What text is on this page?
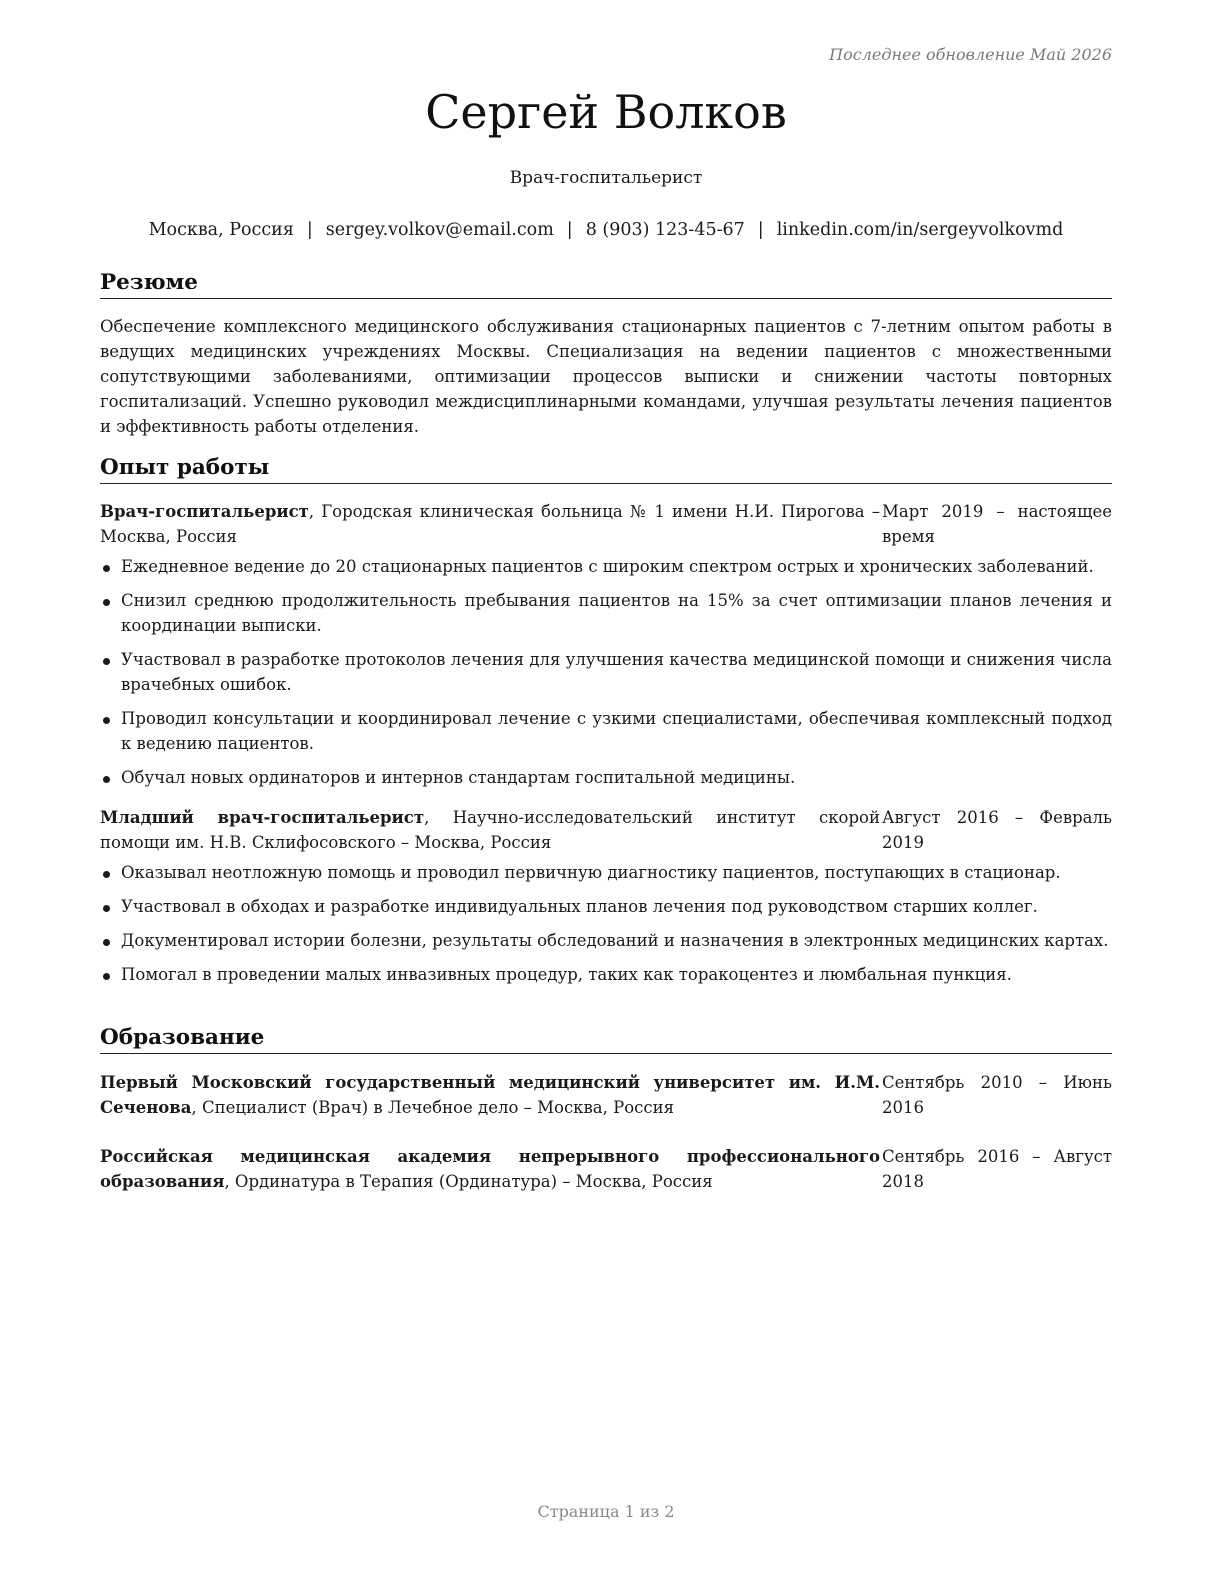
Последнее обновление Май 2026
Сергей Волков
Врач-госпитальерист
Москва, Россия | sergey.volkov@email.com | 8 (903) 123-45-67 | linkedin.com/in/sergeyvolkovmd
Резюме
Обеспечение комплексного медицинского обслуживания стационарных пациентов с 7-летним опытом работы в ведущих медицинских учреждениях Москвы. Специализация на ведении пациентов с множественными сопутствующими заболеваниями, оптимизации процессов выписки и снижении частоты повторных госпитализаций. Успешно руководил междисциплинарными командами, улучшая результаты лечения пациентов и эффективность работы отделения.
Опыт работы
Врач-госпитальерист, Городская клиническая больница № 1 имени Н.И. Пирогова – Москва, Россия
Март 2019 – настоящее время
Ежедневное ведение до 20 стационарных пациентов с широким спектром острых и хронических заболеваний.
Снизил среднюю продолжительность пребывания пациентов на 15% за счет оптимизации планов лечения и координации выписки.
Участвовал в разработке протоколов лечения для улучшения качества медицинской помощи и снижения числа врачебных ошибок.
Проводил консультации и координировал лечение с узкими специалистами, обеспечивая комплексный подход к ведению пациентов.
Обучал новых ординаторов и интернов стандартам госпитальной медицины.
Младший врач-госпитальерист, Научно-исследовательский институт скорой помощи им. Н.В. Склифосовского – Москва, Россия
Август 2016 – Февраль 2019
Оказывал неотложную помощь и проводил первичную диагностику пациентов, поступающих в стационар.
Участвовал в обходах и разработке индивидуальных планов лечения под руководством старших коллег.
Документировал истории болезни, результаты обследований и назначения в электронных медицинских картах.
Помогал в проведении малых инвазивных процедур, таких как торакоцентез и люмбальная пункция.
Образование
Первый Московский государственный медицинский университет им. И.М. Сеченова, Специалист (Врач) в Лечебное дело – Москва, Россия
Сентябрь 2010 – Июнь 2016
Российская медицинская академия непрерывного профессионального образования, Ординатура в Терапия (Ординатура) – Москва, Россия
Сентябрь 2016 – Август 2018
Страница 1 из 2
